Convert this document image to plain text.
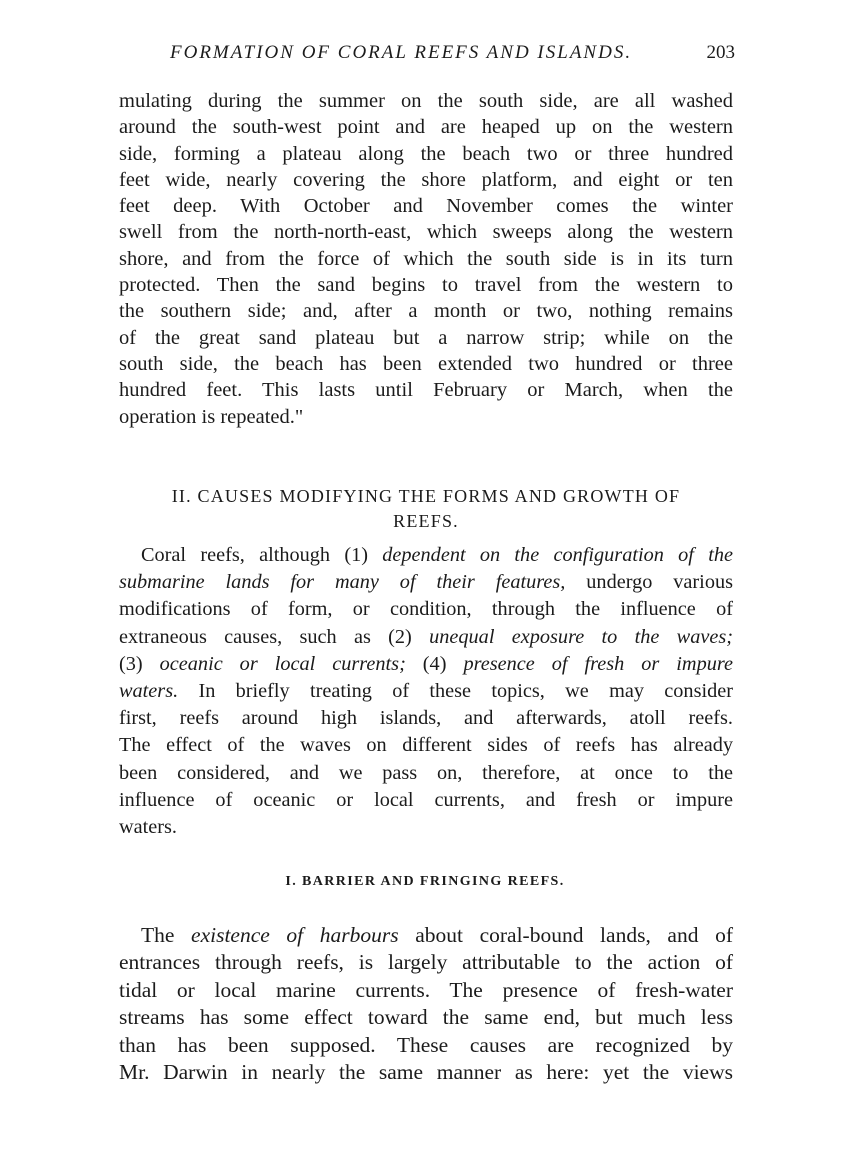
FORMATION OF CORAL REEFS AND ISLANDS.	203
mulating during the summer on the south side, are all washed
around the south-west point and are heaped up on the western
side, forming a plateau along the beach two or three hundred
feet wide, nearly covering the shore platform, and eight or ten
feet deep. With October and November comes the winter
swell from the north-north-east, which sweeps along the western
shore, and from the force of which the south side is in its turn
protected. Then the sand begins to travel from the western to
the southern side; and, after a month or two, nothing remains
of the great sand plateau but a narrow strip; while on the
south side, the beach has been extended two hundred or three
hundred feet. This lasts until February or March, when the
operation is repeated."
II. CAUSES MODIFYING THE FORMS AND GROWTH OF
REEFS.
Coral reefs, although (1) dependent on the configuration of the
submarine lands for many of their features, undergo various
modifications of form, or condition, through the influence of
extraneous causes, such as (2) unequal exposure to the waves;
(3) oceanic or local currents; (4) presence of fresh or impure
waters. In briefly treating of these topics, we may consider
first, reefs around high islands, and afterwards, atoll reefs.
The effect of the waves on different sides of reefs has already
been considered, and we pass on, therefore, at once to the
influence of oceanic or local currents, and fresh or impure
waters.
I. BARRIER AND FRINGING REEFS.
The existence of harbours about coral-bound lands, and of
entrances through reefs, is largely attributable to the action of
tidal or local marine currents. The presence of fresh-water
streams has some effect toward the same end, but much less
than has been supposed. These causes are recognized by
Mr. Darwin in nearly the same manner as here: yet the views
